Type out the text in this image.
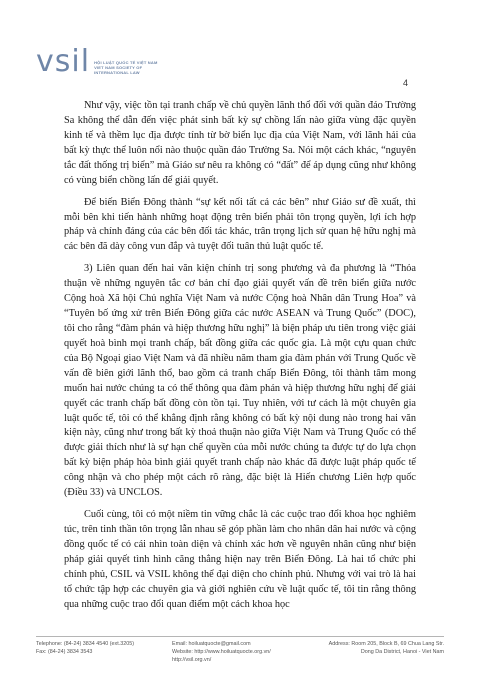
vsil HỘI LUẬT QUỐC TẾ VIỆT NAM
VIET NAM SOCIETY OF
INTERNATIONAL LAW
4

Như vậy, việc tồn tại tranh chấp về chủ quyền lãnh thổ đối với quần đảo Trường Sa không thể dẫn đến việc phát sinh bất kỳ sự chồng lấn nào giữa vùng đặc quyền kinh tế và thềm lục địa được tính từ bờ biển lục địa của Việt Nam, với lãnh hải của bất kỳ thực thể luôn nổi nào thuộc quần đảo Trường Sa. Nói một cách khác, “nguyên tắc đất thống trị biển” mà Giáo sư nêu ra không có “đất” để áp dụng cũng như không có vùng biển chồng lấn để giải quyết.

Để biến Biển Đông thành “sự kết nối tất cả các bên” như Giáo sư đề xuất, thì mỗi bên khi tiến hành những hoạt động trên biển phải tôn trọng quyền, lợi ích hợp pháp và chính đáng của các bên đối tác khác, trân trọng lịch sử quan hệ hữu nghị mà các bên đã dày công vun đắp và tuyệt đối tuân thủ luật quốc tế.

3) Liên quan đến hai văn kiện chính trị song phương và đa phương là “Thỏa thuận về những nguyên tắc cơ bản chỉ đạo giải quyết vấn đề trên biển giữa nước Cộng hoà Xã hội Chủ nghĩa Việt Nam và nước Cộng hoà Nhân dân Trung Hoa” và “Tuyên bố ứng xử trên Biển Đông giữa các nước ASEAN và Trung Quốc” (DOC), tôi cho rằng “đàm phán và hiệp thương hữu nghị” là biện pháp ưu tiên trong việc giải quyết hoà bình mọi tranh chấp, bất đồng giữa các quốc gia. Là một cựu quan chức của Bộ Ngoại giao Việt Nam và đã nhiều năm tham gia đàm phán với Trung Quốc về vấn đề biên giới lãnh thổ, bao gồm cả tranh chấp Biển Đông, tôi thành tâm mong muốn hai nước chúng ta có thể thông qua đàm phán và hiệp thương hữu nghị để giải quyết các tranh chấp bất đồng còn tồn tại. Tuy nhiên, với tư cách là một chuyên gia luật quốc tế, tôi có thể khẳng định rằng không có bất kỳ nội dung nào trong hai văn kiện này, cũng như trong bất kỳ thoả thuận nào giữa Việt Nam và Trung Quốc có thể được giải thích như là sự hạn chế quyền của mỗi nước chúng ta được tự do lựa chọn bất kỳ biện pháp hòa bình giải quyết tranh chấp nào khác đã được luật pháp quốc tế công nhận và cho phép một cách rõ ràng, đặc biệt là Hiến chương Liên hợp quốc (Điều 33) và UNCLOS.

Cuối cùng, tôi có một niềm tin vững chắc là các cuộc trao đổi khoa học nghiêm túc, trên tinh thần tôn trọng lẫn nhau sẽ góp phần làm cho nhân dân hai nước và cộng đồng quốc tế có cái nhìn toàn diện và chính xác hơn về nguyên nhân cũng như biện pháp giải quyết tình hình căng thẳng hiện nay trên Biển Đông. Là hai tổ chức phi chính phủ, CSIL và VSIL không thể đại diện cho chính phủ. Nhưng với vai trò là hai tổ chức tập hợp các chuyên gia và giới nghiên cứu về luật quốc tế, tôi tin rằng thông qua những cuộc trao đổi quan điểm một cách khoa học

Telephone: (84-24) 3834 4540 (ext.3205)
Fax: (84-24) 3834 3543
Email: hoiluatquocte@gmail.com
Website: http://www.hoiluatquocte.org.vn/
http://vsil.org.vn/
Address: Room 205, Block B, 69 Chua Lang Str.
Dong Da District, Hanoi - Viet Nam
